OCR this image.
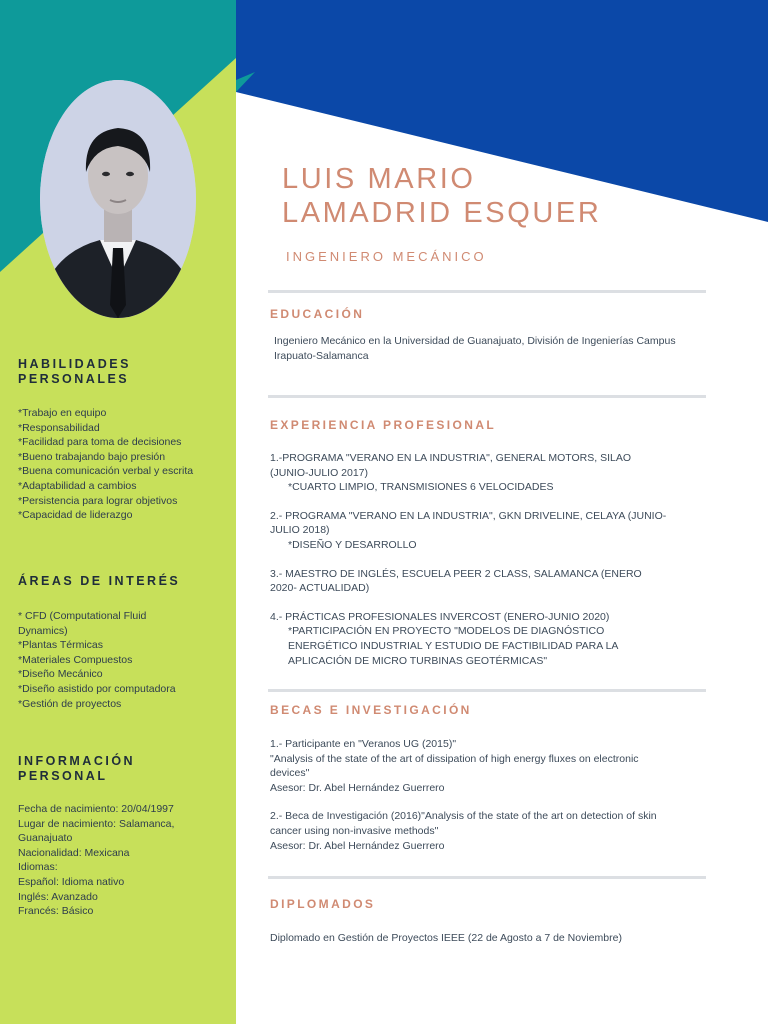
HABILIDADES PERSONALES
*Trabajo en equipo
*Responsabilidad
*Facilidad para toma de decisiones
*Bueno trabajando bajo presión
*Buena comunicación verbal y escrita
*Adaptabilidad a cambios
*Persistencia para lograr objetivos
*Capacidad de liderazgo
ÁREAS DE INTERÉS
* CFD (Computational Fluid Dynamics)
*Plantas Térmicas
*Materiales Compuestos
*Diseño Mecánico
*Diseño asistido por computadora
*Gestión de proyectos
INFORMACIÓN PERSONAL
Fecha de nacimiento: 20/04/1997
Lugar de nacimiento: Salamanca, Guanajuato
Nacionalidad: Mexicana
Idiomas:
Español: Idioma nativo
Inglés: Avanzado
Francés: Básico
LUIS MARIO
LAMADRID ESQUER
INGENIERO MECÁNICO
EDUCACIÓN
Ingeniero Mecánico en la Universidad de Guanajuato, División de Ingenierías Campus Irapuato-Salamanca
EXPERIENCIA PROFESIONAL
1.-PROGRAMA "VERANO EN LA INDUSTRIA", GENERAL MOTORS, SILAO (JUNIO-JULIO 2017)
*CUARTO LIMPIO, TRANSMISIONES 6 VELOCIDADES
2.- PROGRAMA "VERANO EN LA INDUSTRIA", GKN DRIVELINE, CELAYA (JUNIO-JULIO 2018)
*DISEÑO Y DESARROLLO
3.- MAESTRO DE INGLÉS, ESCUELA PEER 2 CLASS, SALAMANCA (ENERO 2020- ACTUALIDAD)
4.- PRÁCTICAS PROFESIONALES INVERCOST (ENERO-JUNIO 2020)
*PARTICIPACIÓN EN PROYECTO "MODELOS DE DIAGNÓSTICO ENERGÉTICO INDUSTRIAL Y ESTUDIO DE FACTIBILIDAD PARA LA APLICACIÓN DE MICRO TURBINAS GEOTÉRMICAS"
BECAS E INVESTIGACIÓN
1.- Participante en "Veranos UG (2015)"
"Analysis of the state of the art of dissipation of high energy fluxes on electronic devices"
Asesor: Dr. Abel Hernández Guerrero
2.- Beca de Investigación (2016)"Analysis of the state of the art on detection of skin cancer using non-invasive methods"
Asesor: Dr. Abel Hernández Guerrero
DIPLOMADOS
Diplomado en Gestión de Proyectos IEEE (22 de Agosto a 7 de Noviembre)
